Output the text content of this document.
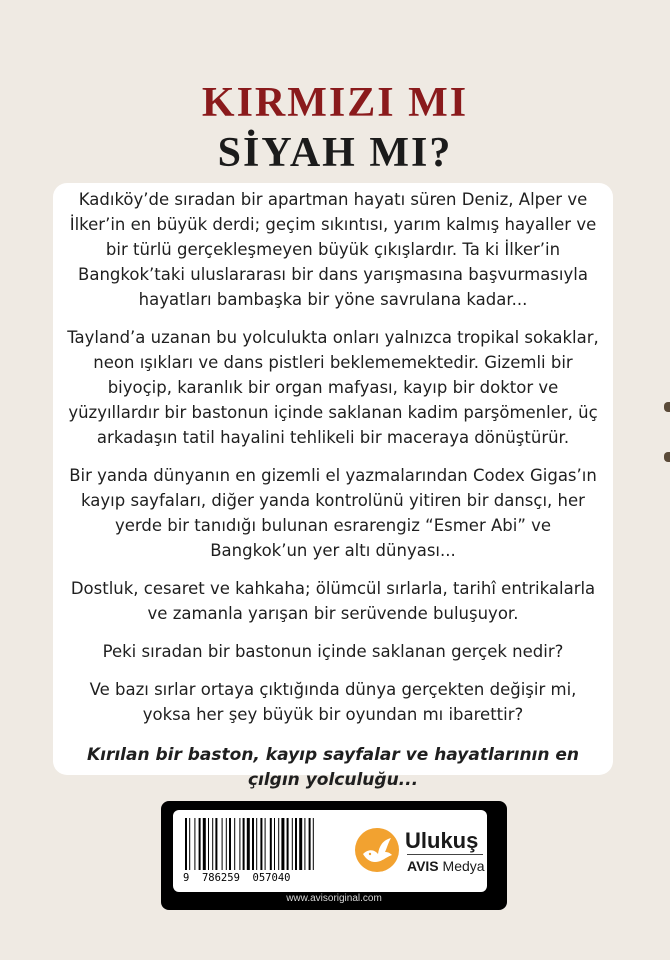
KIRMIZI MI
SİYAH MI?

Kadıköy’de sıradan bir apartman hayatı süren Deniz, Alper ve İlker’in en büyük derdi; geçim sıkıntısı, yarım kalmış hayaller ve bir türlü gerçekleşmeyen büyük çıkışlardır. Ta ki İlker’in Bangkok’taki uluslararası bir dans yarışmasına başvurmasıyla hayatları bambaşka bir yöne savrulana kadar...

Tayland’a uzanan bu yolculukta onları yalnızca tropikal sokaklar, neon ışıkları ve dans pistleri beklememektedir. Gizemli bir biyoçip, karanlık bir organ mafyası, kayıp bir doktor ve yüzyıllardır bir bastonun içinde saklanan kadim parşömenler, üç arkadaşın tatil hayalini tehlikeli bir maceraya dönüştürür.

Bir yanda dünyanın en gizemli el yazmalarından Codex Gigas’ın kayıp sayfaları, diğer yanda kontrolünü yitiren bir dansçı, her yerde bir tanıdığı bulunan esrarengiz “Esmer Abi” ve Bangkok’un yer altı dünyası...

Dostluk, cesaret ve kahkaha; ölümcül sırlarla, tarihî entrikalarla ve zamanla yarışan bir serüvende buluşuyor.

Peki sıradan bir bastonun içinde saklanan gerçek nedir?

Ve bazı sırlar ortaya çıktığında dünya gerçekten değişir mi, yoksa her şey büyük bir oyundan mı ibarettir?

Kırılan bir baston, kayıp sayfalar ve hayatlarının en çılgın yolculuğu...

9  786259  057040
Ulukuş
AVIS Medya
www.avisoriginal.com
